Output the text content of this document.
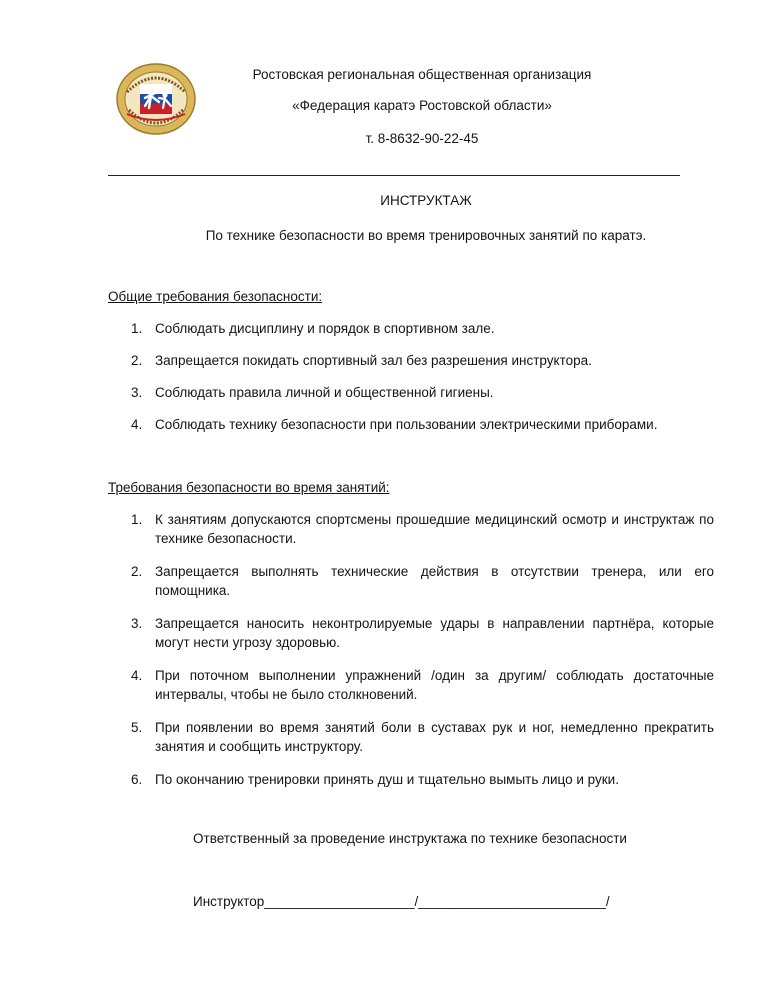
Ростовская региональная общественная организация
«Федерация каратэ Ростовской области»
т. 8-8632-90-22-45
ИНСТРУКТАЖ
По технике безопасности во время тренировочных занятий по каратэ.
Общие требования безопасности:
1. Соблюдать дисциплину и порядок в спортивном зале.
2. Запрещается покидать спортивный зал без разрешения инструктора.
3. Соблюдать правила личной и общественной гигиены.
4. Соблюдать технику безопасности при пользовании электрическими приборами.
Требования безопасности во время занятий:
1. К занятиям допускаются спортсмены прошедшие медицинский осмотр и инструктаж по технике безопасности.
2. Запрещается выполнять технические действия в отсутствии тренера, или его помощника.
3. Запрещается наносить неконтролируемые удары в направлении партнёра, которые могут нести угрозу здоровью.
4. При поточном выполнении упражнений /один за другим/ соблюдать достаточные интервалы, чтобы не было столкновений.
5. При появлении во время занятий боли в суставах рук и ног, немедленно прекратить занятия и сообщить инструктору.
6. По окончанию тренировки принять душ и тщательно вымыть лицо и руки.
Ответственный за проведение инструктажа по технике безопасности
Инструктор____________________/_________________________/
